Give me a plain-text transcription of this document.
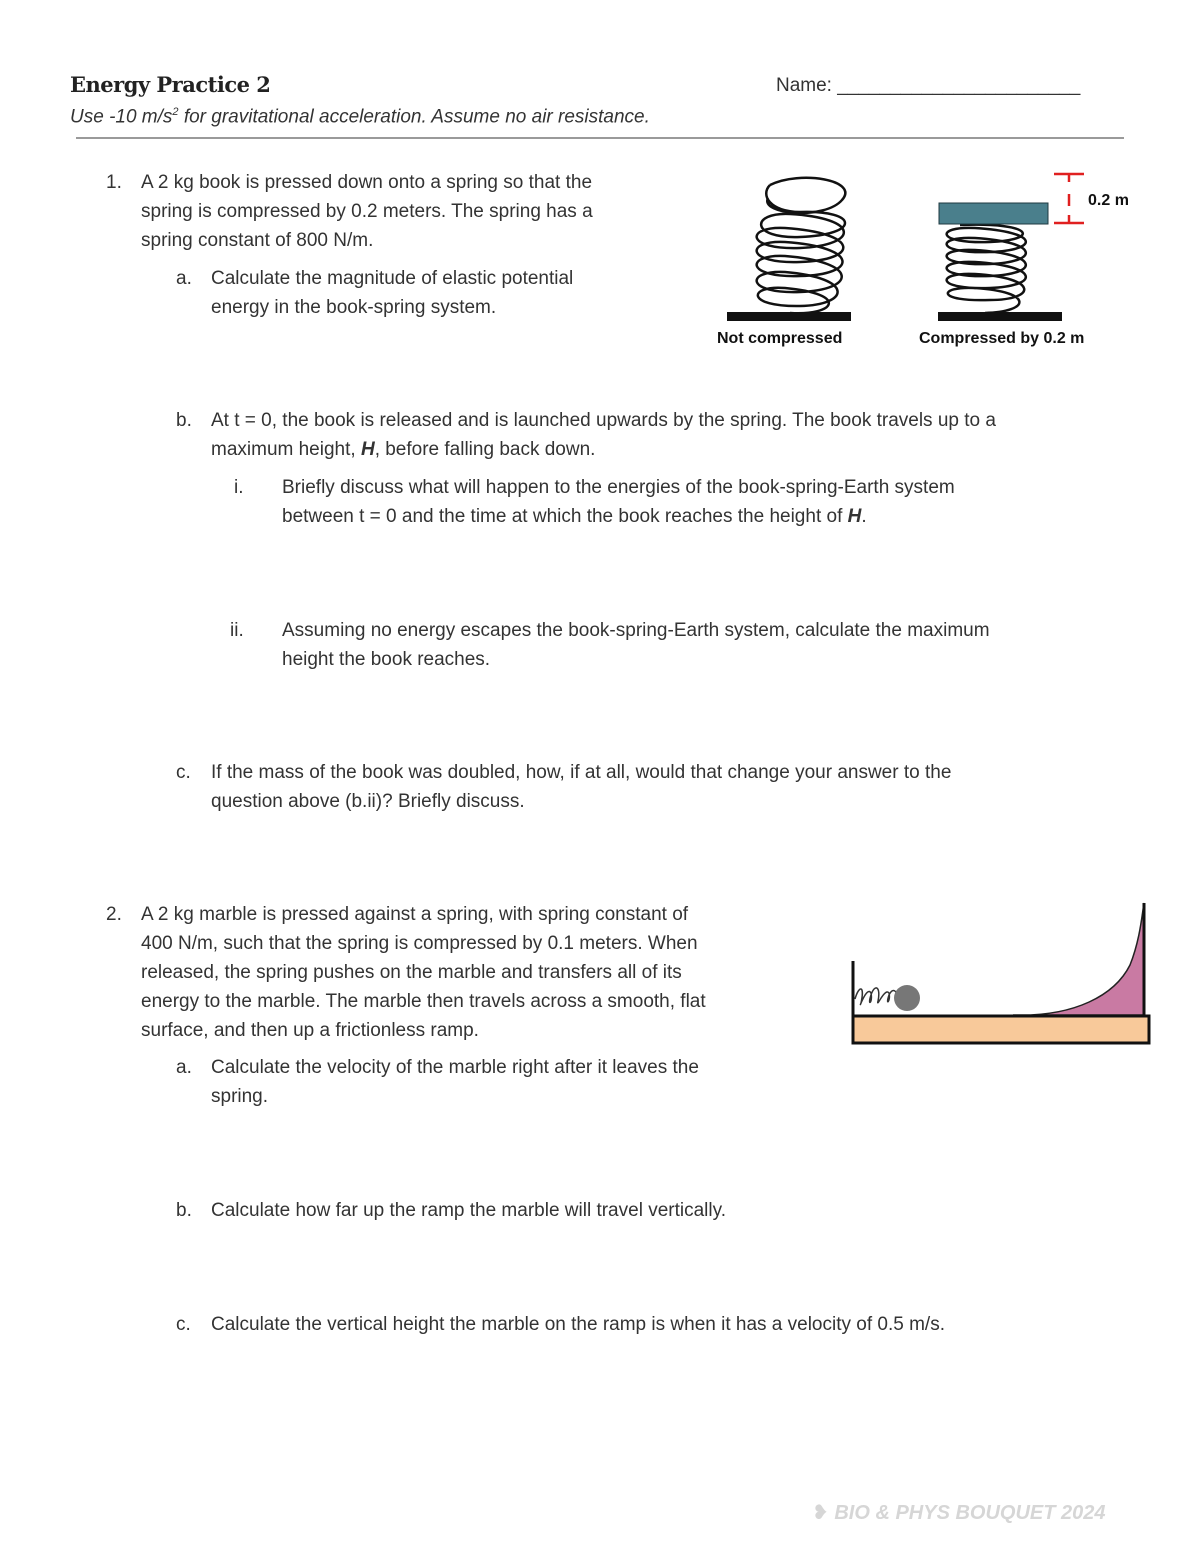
Energy Practice 2
Use -10 $m/s^2$ for gravitational acceleration. Assume no air resistance.
Name: _______________________
1.	A 2 kg book is pressed down onto a spring so that the
spring is compressed by 0.2 meters. The spring has a
spring constant of 800 N/m.
a. Calculate the magnitude of elastic potential
energy in the book-spring system.
b. At t = 0, the book is released and is launched upwards by the spring. The book travels up to a
maximum height, H, before falling back down.
i. Briefly discuss what will happen to the energies of the book-spring-Earth system
between t = 0 and the time at which the book reaches the height of H.
ii. Assuming no energy escapes the book-spring-Earth system, calculate the maximum
height the book reaches.
c. If the mass of the book was doubled, how, if at all, would that change your answer to the
question above (b.ii)? Briefly discuss.
0.2 m
Not compressed	Compressed by 0.2 m
2.	A 2 kg marble is pressed against a spring, with spring constant of
400 N/m, such that the spring is compressed by 0.1 meters. When
released, the spring pushes on the marble and transfers all of its
energy to the marble. The marble then travels across a smooth, flat
surface, and then up a frictionless ramp.
a. Calculate the velocity of the marble right after it leaves the
spring.
b. Calculate how far up the ramp the marble will travel vertically.
c. Calculate the vertical height the marble on the ramp is when it has a velocity of 0.5 m/s.
❥ BIO & PHYS BOUQUET 2024
